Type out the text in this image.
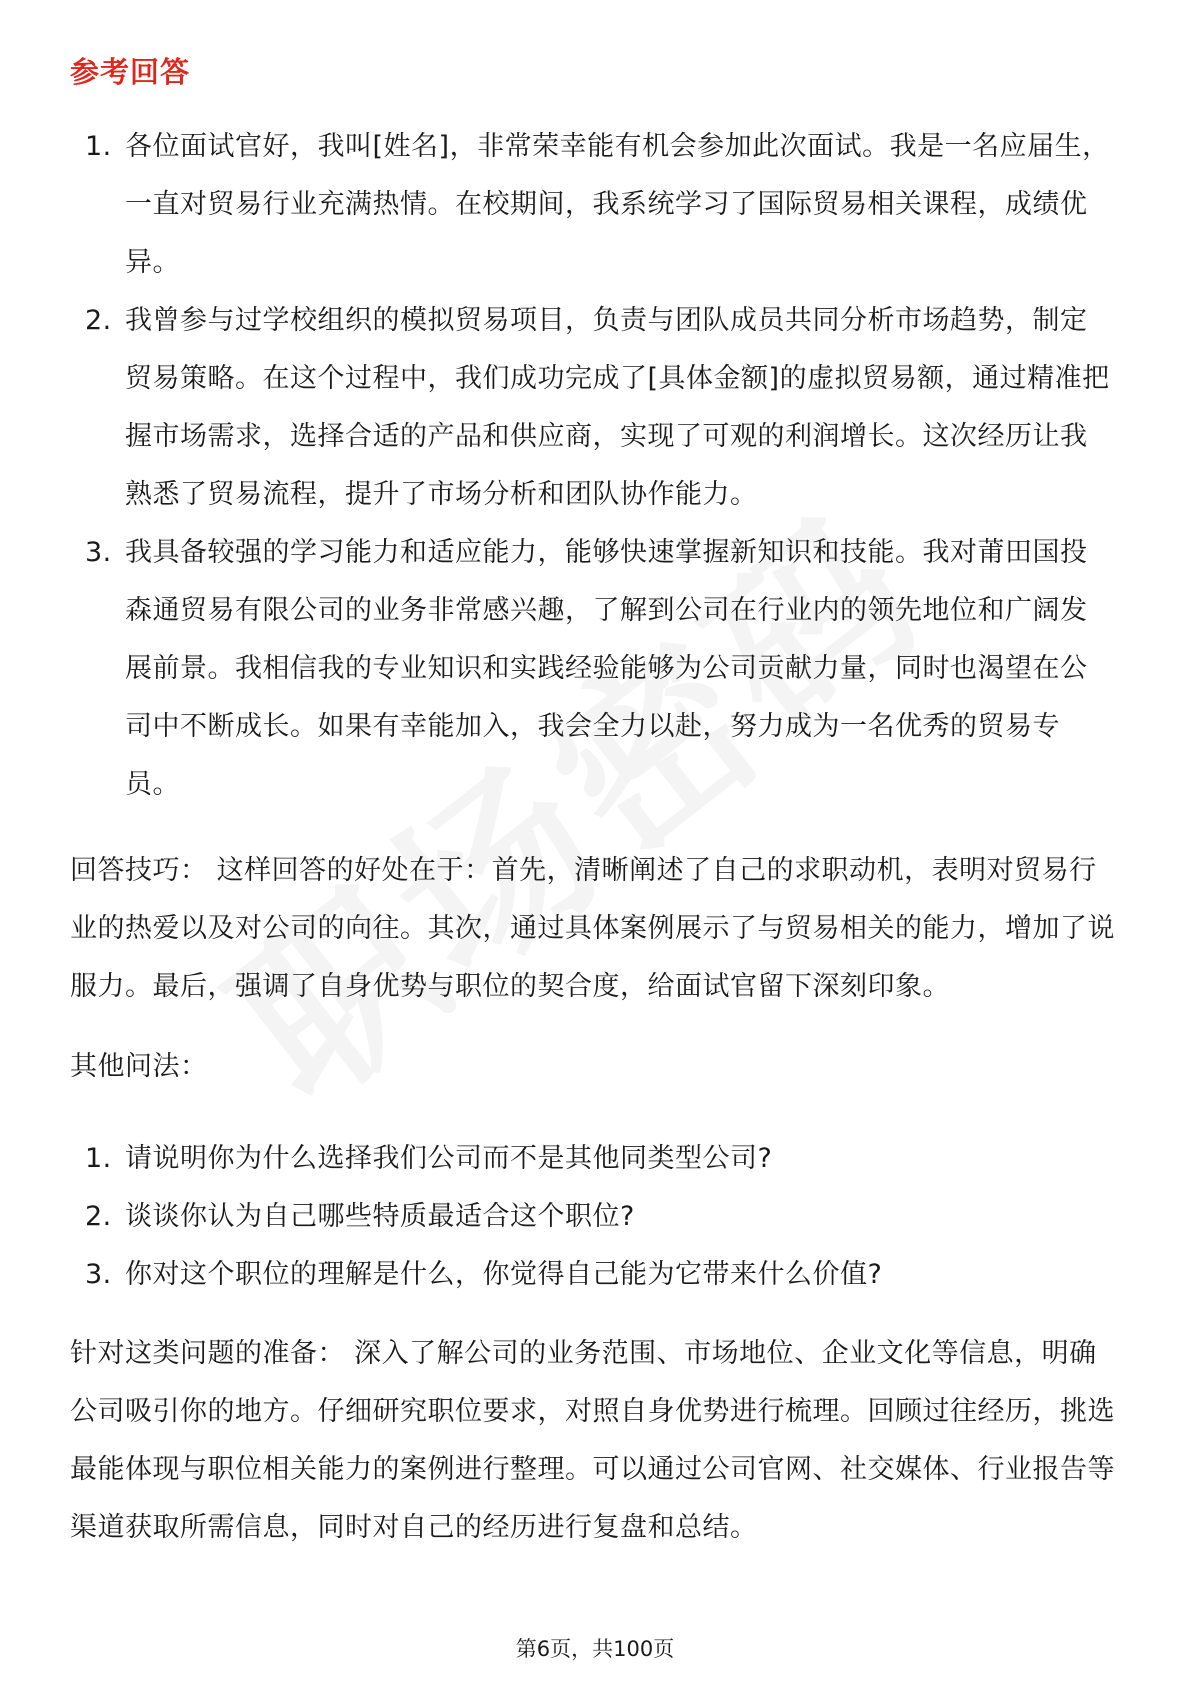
参考回答
1. 各位面试官好，我叫[姓名]，非常荣幸能有机会参加此次面试。我是一名应届生，一直对贸易行业充满热情。在校期间，我系统学习了国际贸易相关课程，成绩优异。
2. 我曾参与过学校组织的模拟贸易项目，负责与团队成员共同分析市场趋势，制定贸易策略。在这个过程中，我们成功完成了[具体金额]的虚拟贸易额，通过精准把握市场需求，选择合适的产品和供应商，实现了可观的利润增长。这次经历让我熟悉了贸易流程，提升了市场分析和团队协作能力。
3. 我具备较强的学习能力和适应能力，能够快速掌握新知识和技能。我对莆田国投森通贸易有限公司的业务非常感兴趣，了解到公司在行业内的领先地位和广阔发展前景。我相信我的专业知识和实践经验能够为公司贡献力量，同时也渴望在公司中不断成长。如果有幸能加入，我会全力以赴，努力成为一名优秀的贸易专员。
回答技巧： 这样回答的好处在于：首先，清晰阐述了自己的求职动机，表明对贸易行业的热爱以及对公司的向往。其次，通过具体案例展示了与贸易相关的能力，增加了说服力。最后，强调了自身优势与职位的契合度，给面试官留下深刻印象。
其他问法：
1. 请说明你为什么选择我们公司而不是其他同类型公司?
2. 谈谈你认为自己哪些特质最适合这个职位?
3. 你对这个职位的理解是什么，你觉得自己能为它带来什么价值?
针对这类问题的准备： 深入了解公司的业务范围、市场地位、企业文化等信息，明确公司吸引你的地方。仔细研究职位要求，对照自身优势进行梳理。回顾过往经历，挑选最能体现与职位相关能力的案例进行整理。可以通过公司官网、社交媒体、行业报告等渠道获取所需信息，同时对自己的经历进行复盘和总结。
第6页，共100页
